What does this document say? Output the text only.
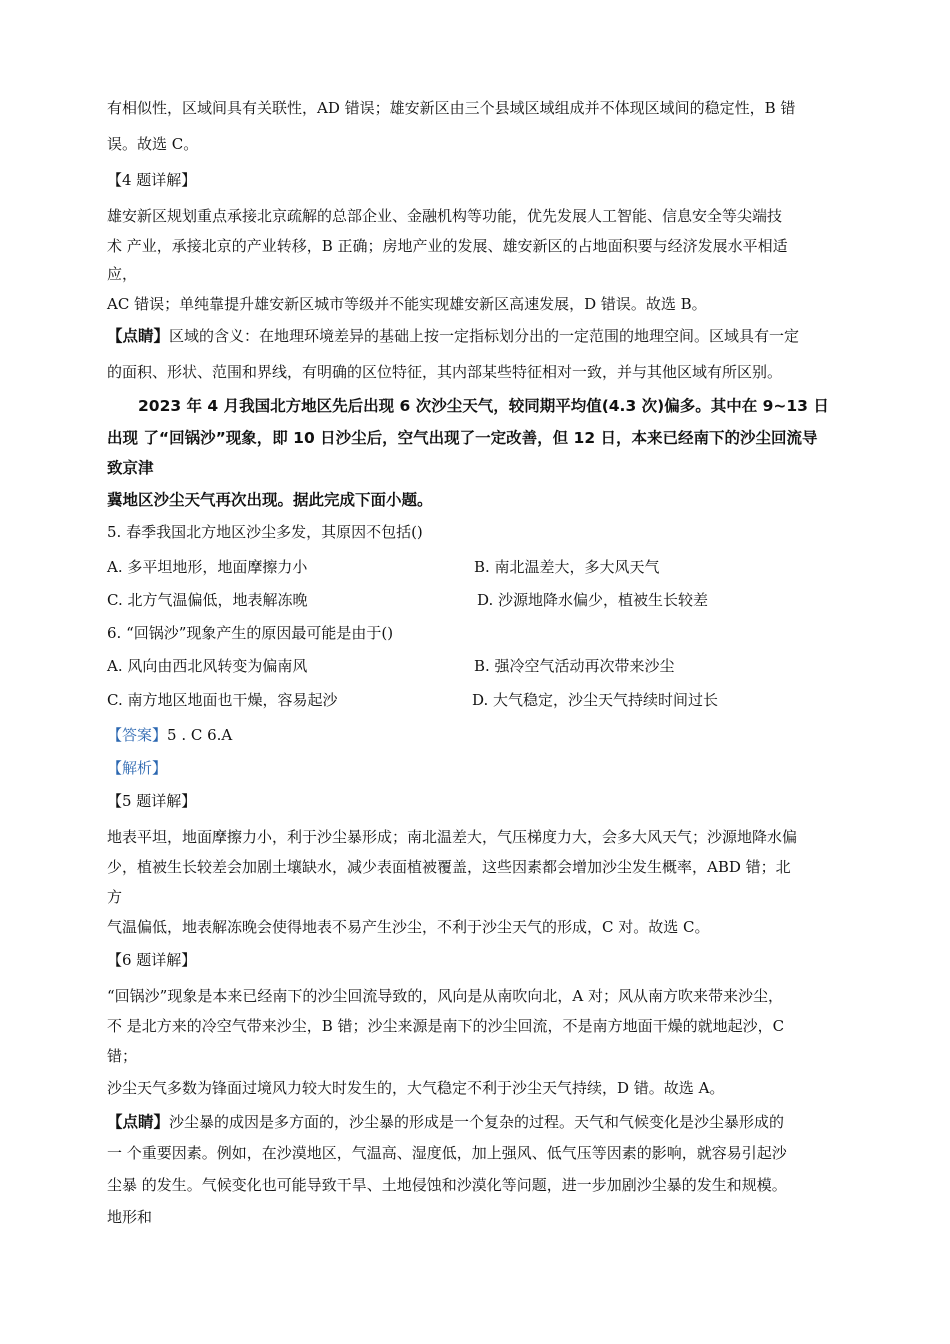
有相似性，区域间具有关联性，AD 错误；雄安新区由三个县域区域组成并不体现区域间的稳定性，B 错
误。故选 C。
【4 题详解】
雄安新区规划重点承接北京疏解的总部企业、金融机构等功能，优先发展人工智能、信息安全等尖端技
术 产业，承接北京的产业转移，B 正确；房地产业的发展、雄安新区的占地面积要与经济发展水平相适
应，
AC 错误；单纯靠提升雄安新区城市等级并不能实现雄安新区高速发展，D 错误。故选 B。
【点睛】区域的含义：在地理环境差异的基础上按一定指标划分出的一定范围的地理空间。区域具有一定
的面积、形状、范围和界线，有明确的区位特征，其内部某些特征相对一致，并与其他区域有所区别。
2023 年 4 月我国北方地区先后出现 6 次沙尘天气，较同期平均值(4.3 次)偏多。其中在 9~13 日
出现 了“回锅沙”现象，即 10 日沙尘后，空气出现了一定改善，但 12 日，本来已经南下的沙尘回流导
致京津
冀地区沙尘天气再次出现。据此完成下面小题。
5. 春季我国北方地区沙尘多发，其原因不包括()
A. 多平坦地形，地面摩擦力小	B. 南北温差大，多大风天气
C. 北方气温偏低，地表解冻晚	D. 沙源地降水偏少，植被生长较差
6. “回锅沙”现象产生的原因最可能是由于()
A. 风向由西北风转变为偏南风	B. 强冷空气活动再次带来沙尘
C. 南方地区地面也干燥，容易起沙	D. 大气稳定，沙尘天气持续时间过长
【答案】5 . C 6.A
【解析】
【5 题详解】
地表平坦，地面摩擦力小，利于沙尘暴形成；南北温差大，气压梯度力大，会多大风天气；沙源地降水偏
少，植被生长较差会加剧土壤缺水，减少表面植被覆盖，这些因素都会增加沙尘发生概率，ABD 错；北
方
气温偏低，地表解冻晚会使得地表不易产生沙尘，不利于沙尘天气的形成，C 对。故选 C。
【6 题详解】
“回锅沙”现象是本来已经南下的沙尘回流导致的，风向是从南吹向北，A 对；风从南方吹来带来沙尘，
不 是北方来的冷空气带来沙尘，B 错；沙尘来源是南下的沙尘回流，不是南方地面干燥的就地起沙，C
错；
沙尘天气多数为锋面过境风力较大时发生的，大气稳定不利于沙尘天气持续，D 错。故选 A。
【点睛】沙尘暴的成因是多方面的，沙尘暴的形成是一个复杂的过程。天气和气候变化是沙尘暴形成的
一 个重要因素。例如，在沙漠地区，气温高、湿度低，加上强风、低气压等因素的影响，就容易引起沙
尘暴 的发生。气候变化也可能导致干旱、土地侵蚀和沙漠化等问题，进一步加剧沙尘暴的发生和规模。
地形和
